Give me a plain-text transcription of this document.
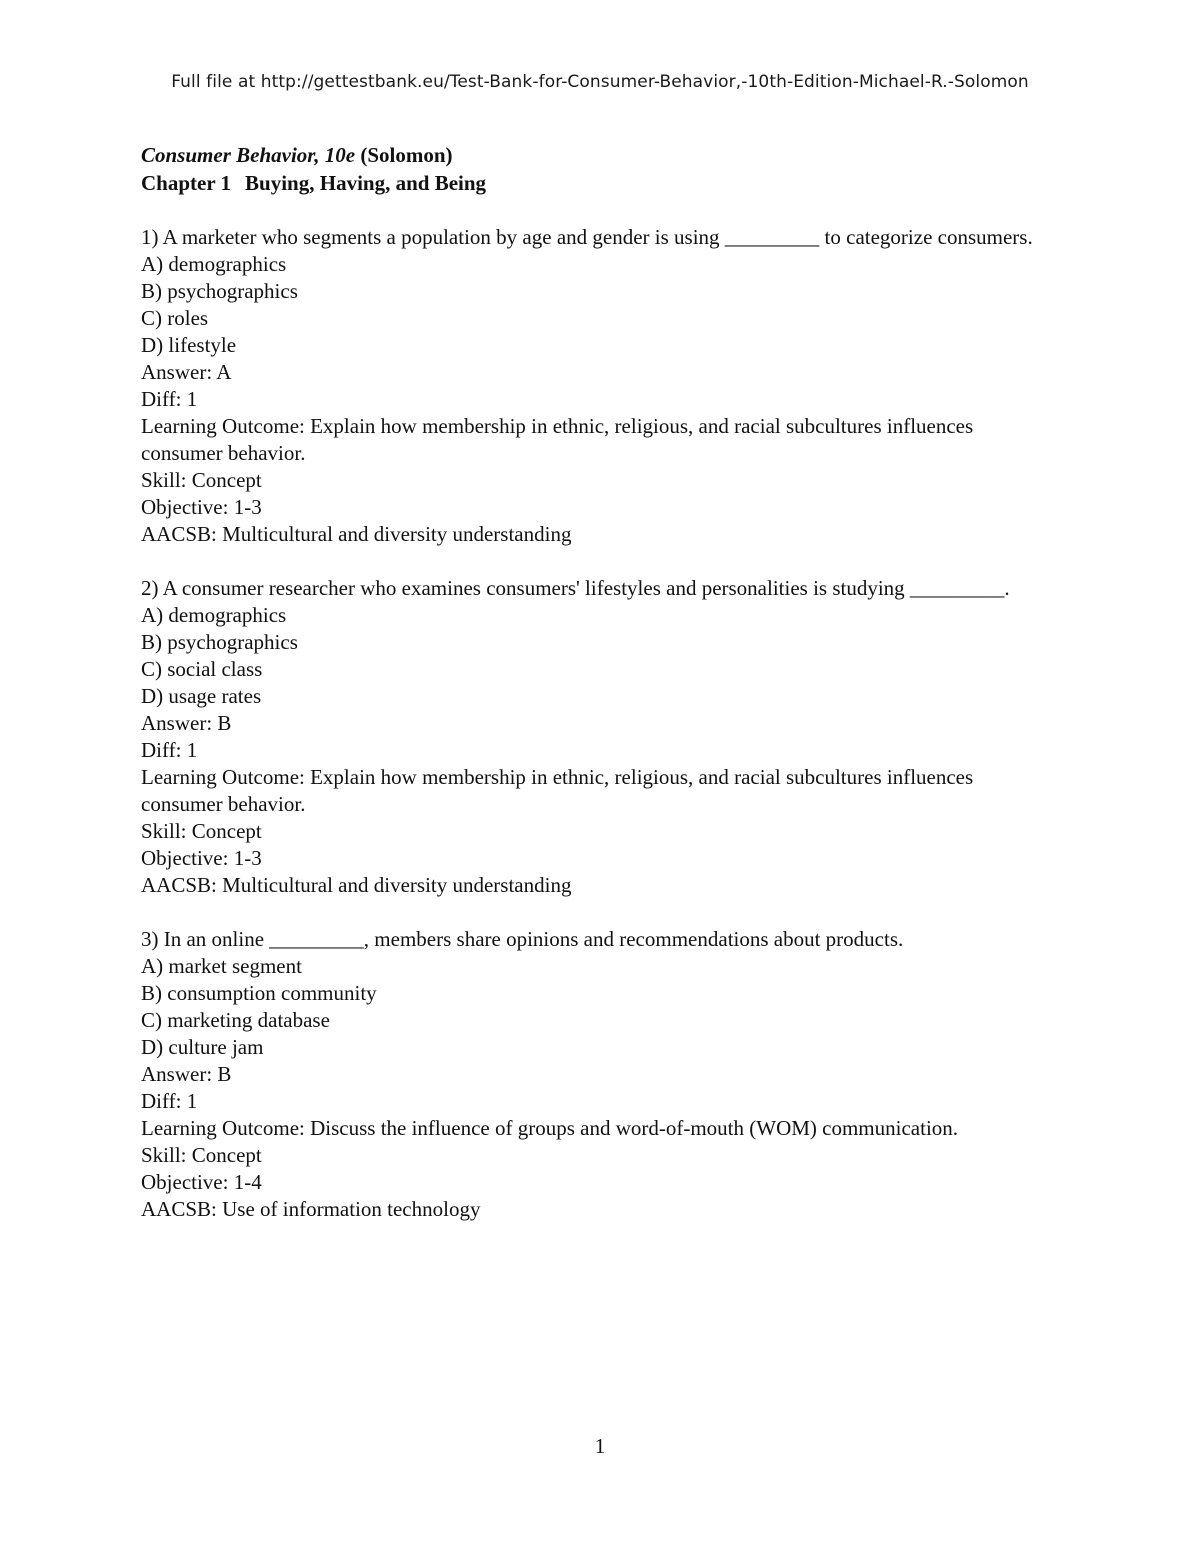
Full file at http://gettestbank.eu/Test-Bank-for-Consumer-Behavior,-10th-Edition-Michael-R.-Solomon
Consumer Behavior, 10e (Solomon)
Chapter 1 Buying, Having, and Being
1) A marketer who segments a population by age and gender is using _________ to categorize consumers.
A) demographics
B) psychographics
C) roles
D) lifestyle
Answer: A
Diff: 1
Learning Outcome: Explain how membership in ethnic, religious, and racial subcultures influences consumer behavior.
Skill: Concept
Objective: 1-3
AACSB: Multicultural and diversity understanding
2) A consumer researcher who examines consumers' lifestyles and personalities is studying _________.
A) demographics
B) psychographics
C) social class
D) usage rates
Answer: B
Diff: 1
Learning Outcome: Explain how membership in ethnic, religious, and racial subcultures influences consumer behavior.
Skill: Concept
Objective: 1-3
AACSB: Multicultural and diversity understanding
3) In an online _________, members share opinions and recommendations about products.
A) market segment
B) consumption community
C) marketing database
D) culture jam
Answer: B
Diff: 1
Learning Outcome: Discuss the influence of groups and word-of-mouth (WOM) communication.
Skill: Concept
Objective: 1-4
AACSB: Use of information technology
1
